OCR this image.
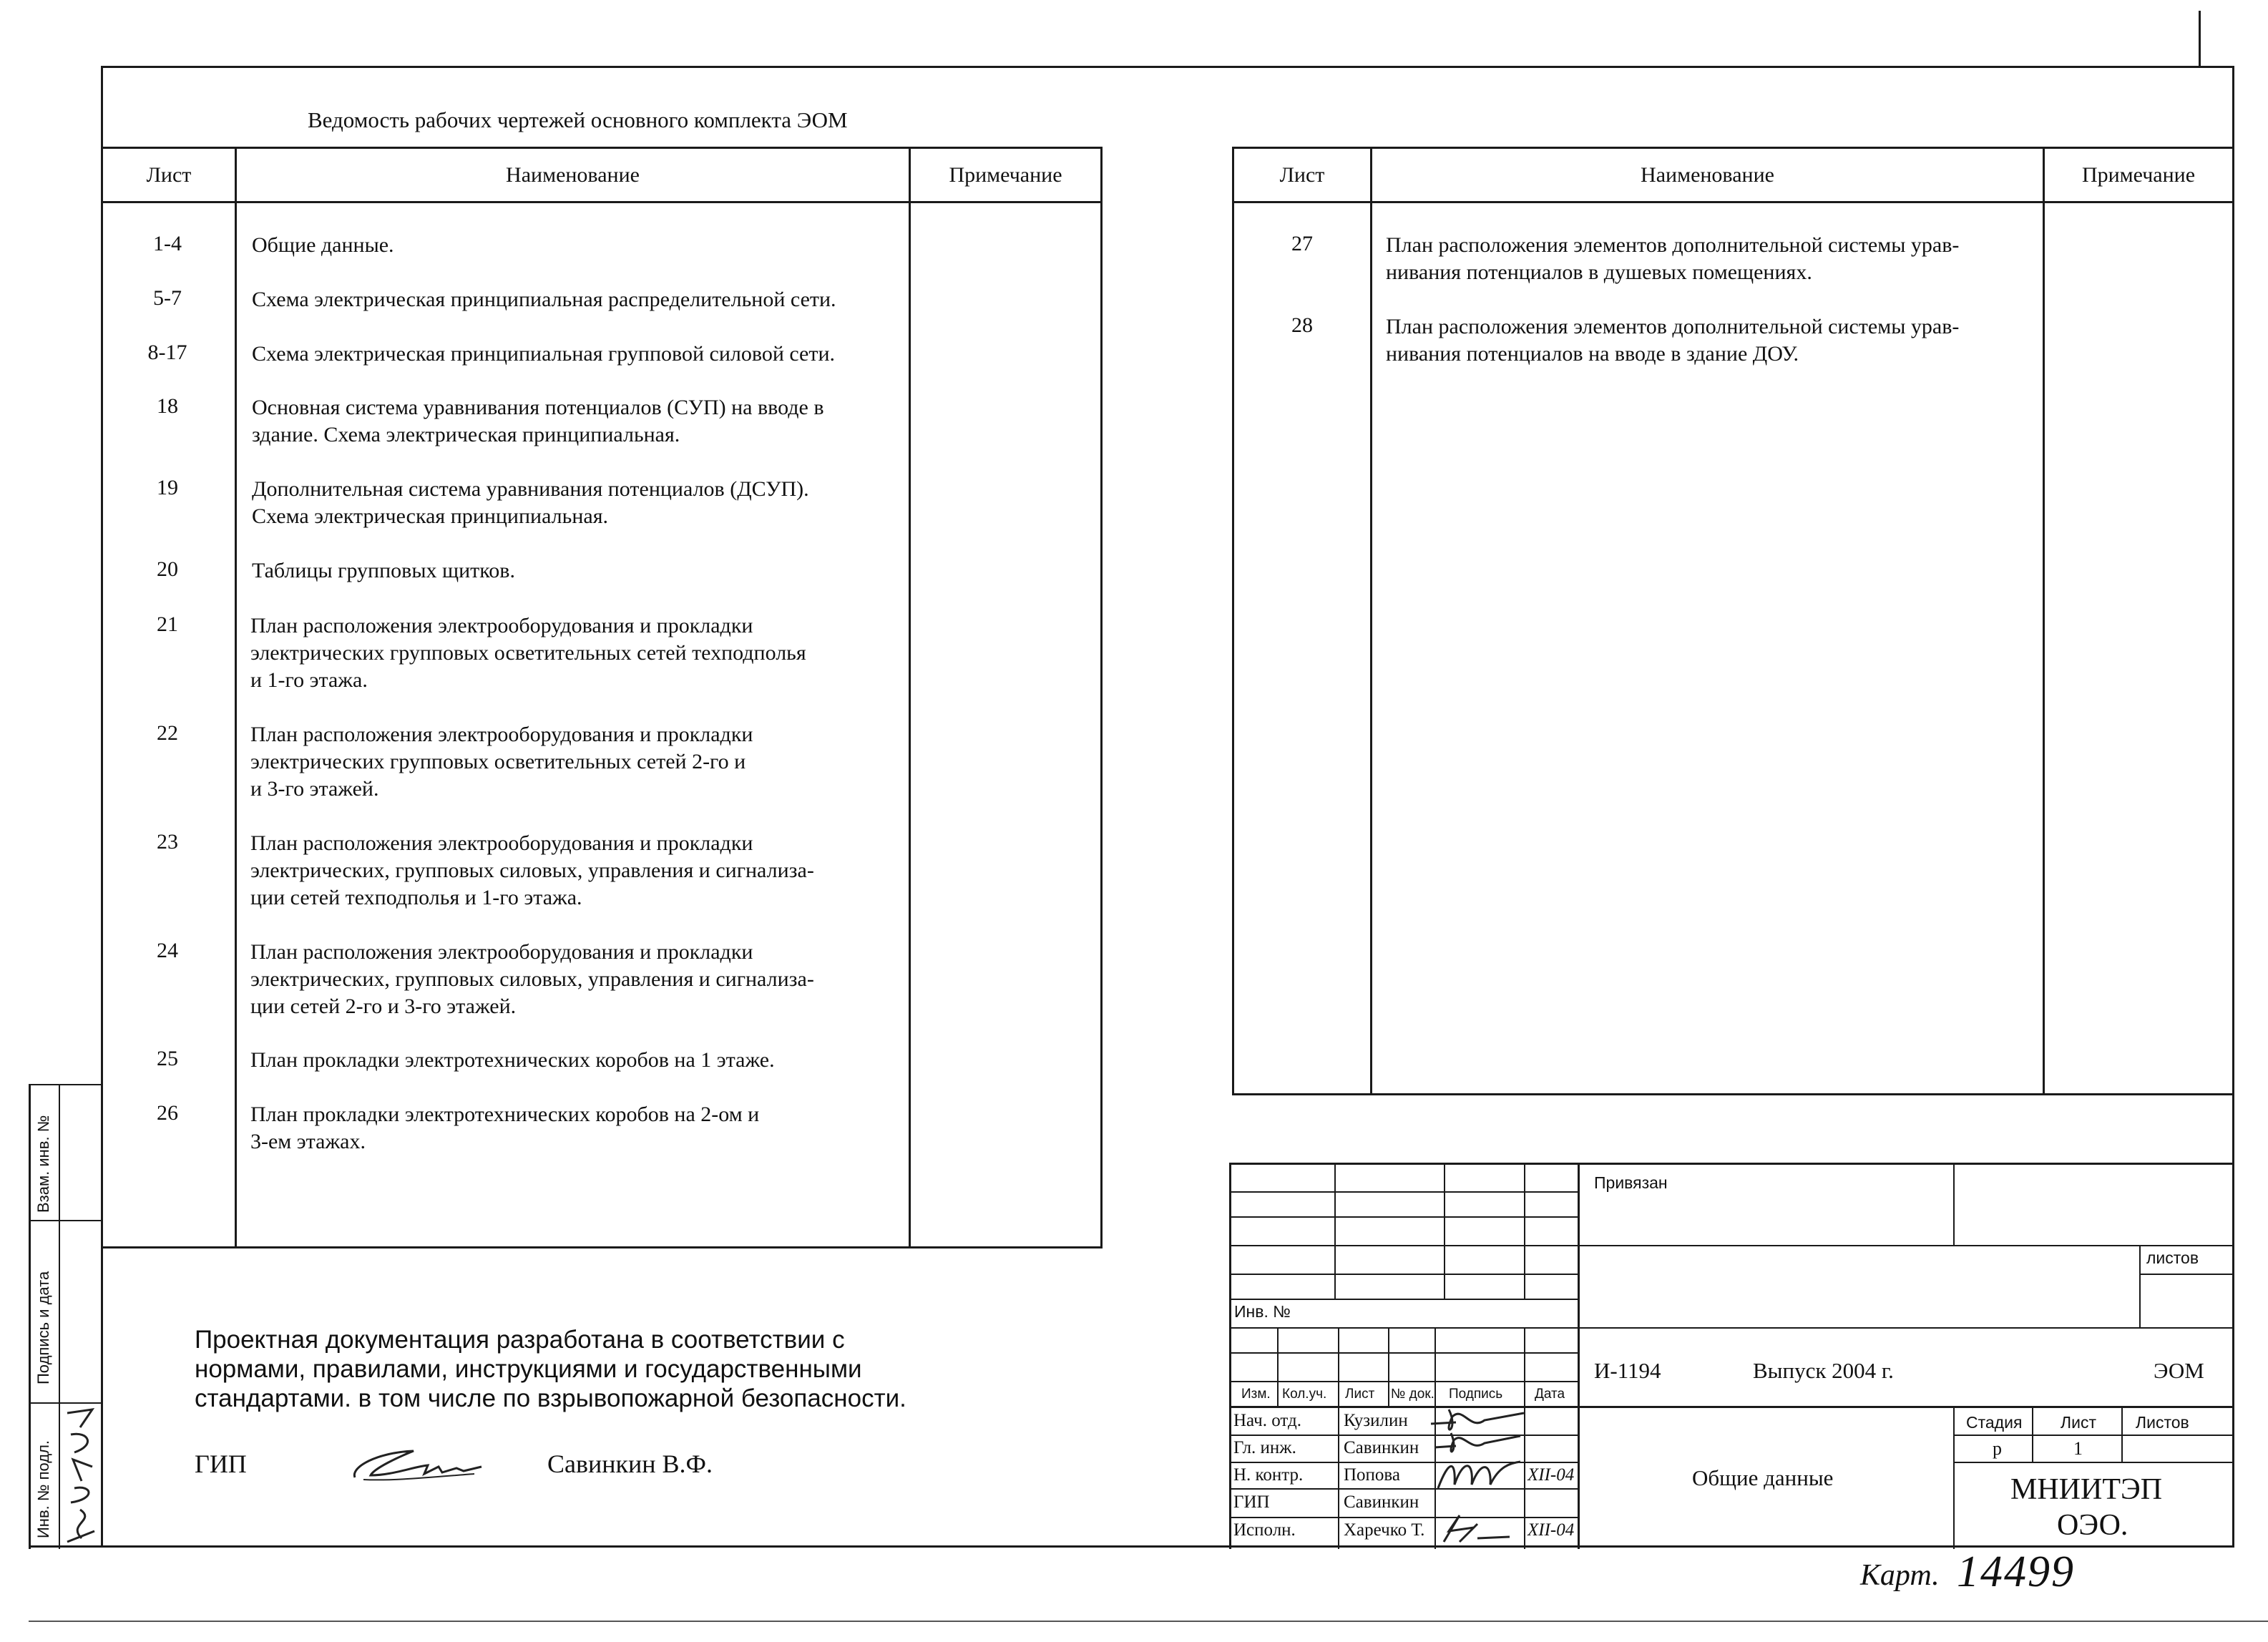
Ведомость рабочих чертежей основного комплекта ЭОМ
Лист	Наименование	Примечание	Лист	Наименование	Примечание
1-4	Общие данные.
5-7	Схема электрическая принципиальная распределительной сети.
8-17	Схема электрическая принципиальная групповой силовой сети.
18	Основная система уравнивания потенциалов (СУП) на вводе в
здание. Схема электрическая принципиальная.
19	Дополнительная система уравнивания потенциалов (ДСУП).
Схема электрическая принципиальная.
20	Таблицы групповых щитков.
21	План расположения электрооборудования и прокладки
электрических групповых осветительных сетей техподполья
и 1-го этажа.
22	План расположения электрооборудования и прокладки
электрических групповых осветительных сетей 2-го и
и 3-го этажей.
23	План расположения электрооборудования и прокладки
электрических, групповых силовых, управления и сигнализа-
ции сетей техподполья и 1-го этажа.
24	План расположения электрооборудования и прокладки
электрических, групповых силовых, управления и сигнализа-
ции сетей 2-го и 3-го этажей.
25	План прокладки электротехнических коробов на 1 этаже.
26	План прокладки электротехнических коробов на 2-ом и
3-ем этажах.
27	План расположения элементов дополнительной системы урав-
нивания потенциалов в душевых помещениях.
28	План расположения элементов дополнительной системы урав-
нивания потенциалов на вводе в здание ДОУ.
Проектная документация разработана в соответствии с
нормами, правилами, инструкциями и государственными
стандартами. в том числе по взрывопожарной безопасности.
ГИП	Савинкин В.Ф.
Взам. инв. №
Подпись и дата
Инв. № подл.
Привязан
листов
Инв. №
Изм. Кол.уч. Лист № док. Подпись Дата
Нач. отд. Кузилин
Гл. инж.	Савинкин
Н. контр. Попова	XII-04
ГИП	Савинкин
Исполн.	Харечко Т.	XII-04
И-1194	Выпуск 2004 г.	ЭОМ
Общие данные
Стадия Лист Листов
р	1
МНИИТЭП
ОЭО.
Карт. 14499
